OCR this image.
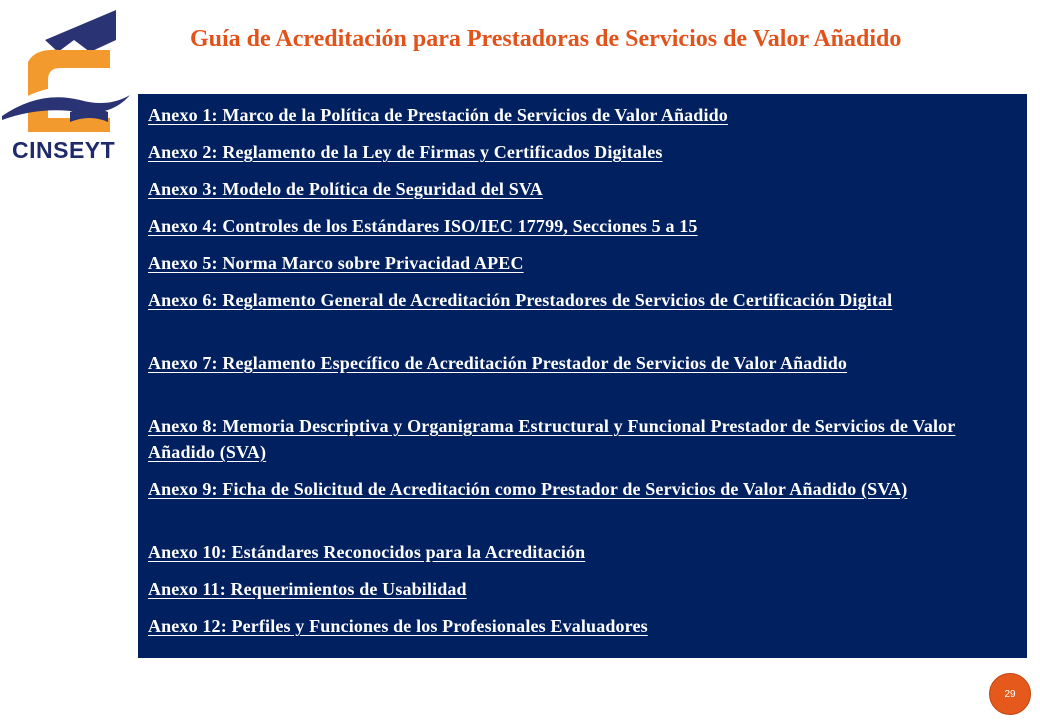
CINSEYT
Guía de Acreditación para Prestadoras de Servicios de Valor Añadido
Anexo 1: Marco de la Política de Prestación de Servicios de Valor Añadido
Anexo 2: Reglamento de la Ley de Firmas y Certificados Digitales
Anexo 3: Modelo de Política de Seguridad del SVA
Anexo 4: Controles de los Estándares ISO/IEC 17799, Secciones 5 a 15
Anexo 5: Norma Marco sobre Privacidad APEC
Anexo 6: Reglamento General de Acreditación Prestadores de Servicios de Certificación Digital
Anexo 7: Reglamento Específico de Acreditación Prestador de Servicios de Valor Añadido
Anexo 8: Memoria Descriptiva y Organigrama Estructural y Funcional Prestador de Servicios de Valor Añadido (SVA)
Anexo 9: Ficha de Solicitud de Acreditación como Prestador de Servicios de Valor Añadido (SVA)
Anexo 10: Estándares Reconocidos para la Acreditación
Anexo 11: Requerimientos de Usabilidad
Anexo 12: Perfiles y Funciones de los Profesionales Evaluadores
29
